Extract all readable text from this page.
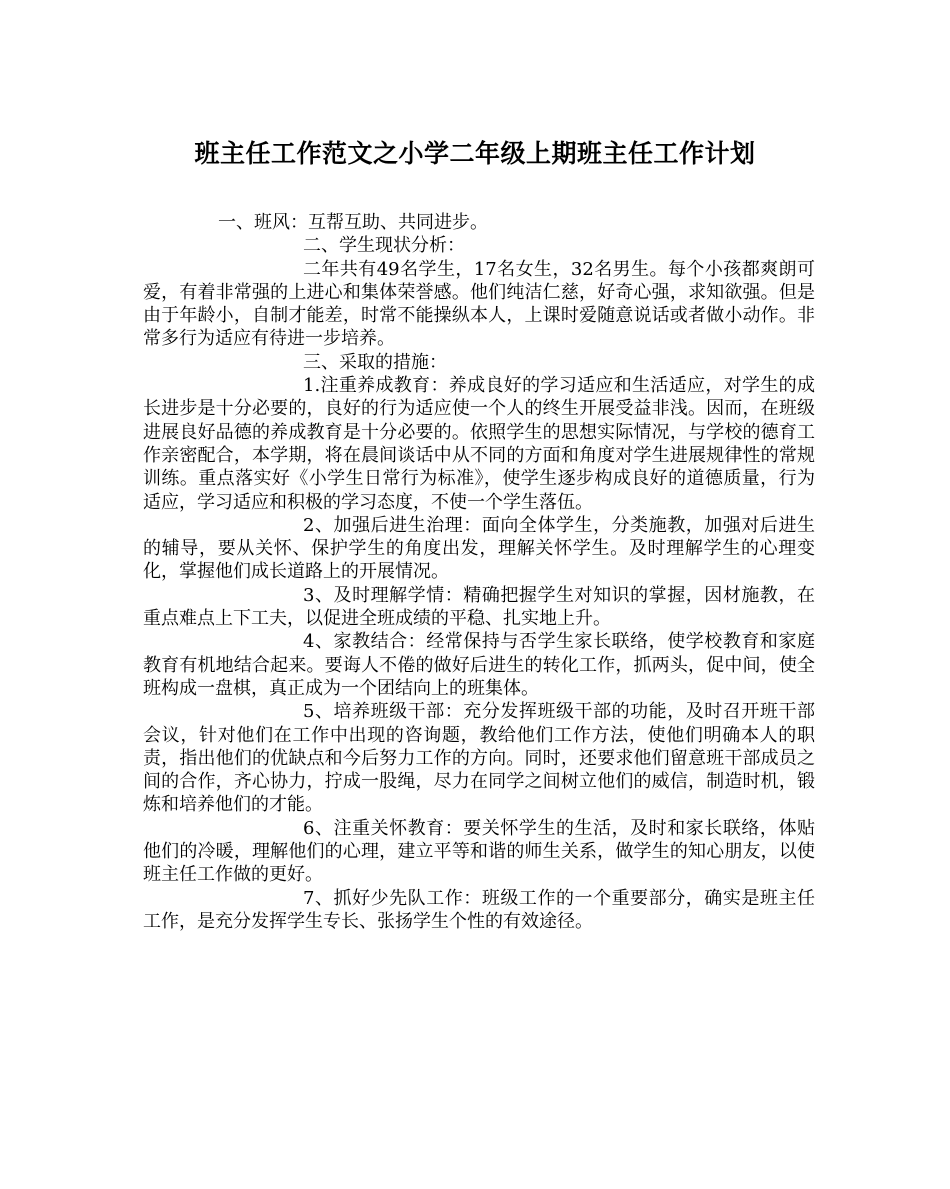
班主任工作范文之小学二年级上期班主任工作计划

一、班风：互帮互助、共同进步。

二、学生现状分析：

二年共有49名学生，17名女生，32名男生。每个小孩都爽朗可爱，有着非常强的上进心和集体荣誉感。他们纯洁仁慈，好奇心强，求知欲强。但是由于年龄小，自制才能差，时常不能操纵本人，上课时爱随意说话或者做小动作。非常多行为适应有待进一步培养。

三、采取的措施：

1.注重养成教育：养成良好的学习适应和生活适应，对学生的成长进步是十分必要的，良好的行为适应使一个人的终生开展受益非浅。因而，在班级进展良好品德的养成教育是十分必要的。依照学生的思想实际情况，与学校的德育工作亲密配合，本学期，将在晨间谈话中从不同的方面和角度对学生进展规律性的常规训练。重点落实好《小学生日常行为标准》，使学生逐步构成良好的道德质量，行为适应，学习适应和积极的学习态度，不使一个学生落伍。

2、加强后进生治理：面向全体学生，分类施教，加强对后进生的辅导，要从关怀、保护学生的角度出发，理解关怀学生。及时理解学生的心理变化，掌握他们成长道路上的开展情况。

3、及时理解学情：精确把握学生对知识的掌握，因材施教，在重点难点上下工夫，以促进全班成绩的平稳、扎实地上升。

4、家教结合：经常保持与否学生家长联络，使学校教育和家庭教育有机地结合起来。要诲人不倦的做好后进生的转化工作，抓两头，促中间，使全班构成一盘棋，真正成为一个团结向上的班集体。

5、培养班级干部：充分发挥班级干部的功能，及时召开班干部会议，针对他们在工作中出现的咨询题，教给他们工作方法，使他们明确本人的职责，指出他们的优缺点和今后努力工作的方向。同时，还要求他们留意班干部成员之间的合作，齐心协力，拧成一股绳，尽力在同学之间树立他们的威信，制造时机，锻炼和培养他们的才能。

6、注重关怀教育：要关怀学生的生活，及时和家长联络，体贴他们的冷暖，理解他们的心理，建立平等和谐的师生关系，做学生的知心朋友，以使班主任工作做的更好。

7、抓好少先队工作：班级工作的一个重要部分，确实是班主任工作，是充分发挥学生专长、张扬学生个性的有效途径。
